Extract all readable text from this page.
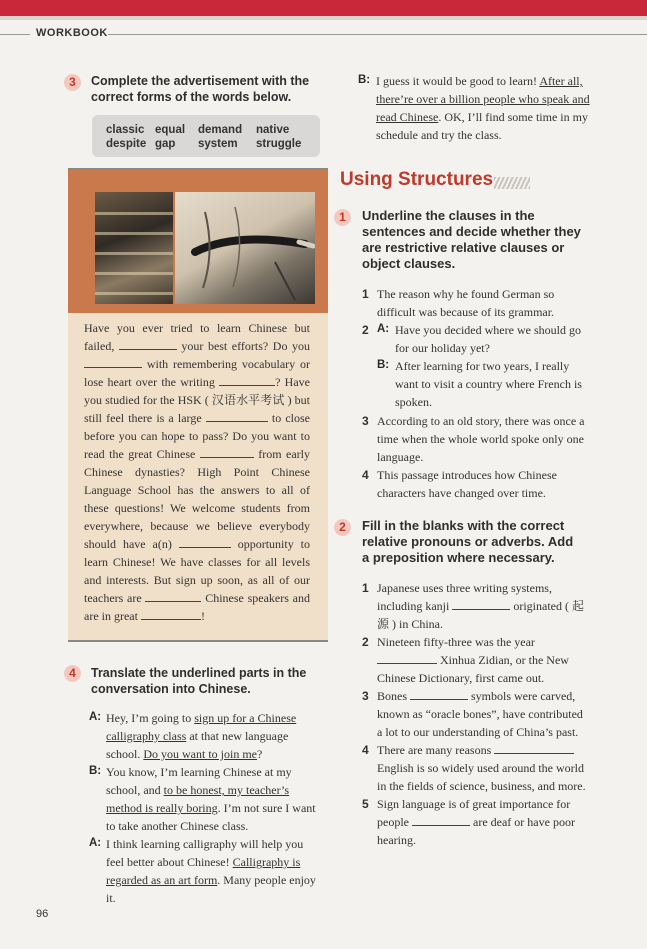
WORKBOOK
3	Complete the advertisement with the
correct forms of the words below.
classic equal demand native
despite gap system struggle
Have you ever tried to learn Chinese but failed,	your best efforts? Do you  with remembering vocabulary or lose heart over the writing	? Have you studied for the HSK ( 汉语水平考试 ) but still feel there is a large	to close before you can hope to pass? Do you want to read the great Chinese	from early Chinese dynasties? High Point Chinese Language School has the answers to all of these questions! We welcome students from everywhere, because we believe everybody should have a(n)	opportunity to learn Chinese! We have classes for all levels and interests. But sign up soon, as all of our teachers are	Chinese speakers and are in great	!
4	Translate the underlined parts in the
conversation into Chinese.
A: Hey, I’m going to sign up for a Chinese calligraphy class at that new language school. Do you want to join me?
B: You know, I’m learning Chinese at my school, and to be honest, my teacher’s method is really boring. I’m not sure I want to take another Chinese class.
A: I think learning calligraphy will help you feel better about Chinese! Calligraphy is regarded as an art form. Many people enjoy it.
B: I guess it would be good to learn! After all, there’re over a billion people who speak and read Chinese. OK, I’ll find some time in my schedule and try the class.
Using Structures
1	Underline the clauses in the
sentences and decide whether they
are restrictive relative clauses or
object clauses.
1 The reason why he found German so difficult was because of its grammar.
2 A: Have you decided where we should go for our holiday yet?
B: After learning for two years, I really want to visit a country where French is spoken.
3 According to an old story, there was once a time when the whole world spoke only one language.
4 This passage introduces how Chinese characters have changed over time.
2	Fill in the blanks with the correct
relative pronouns or adverbs. Add
a preposition where necessary.
1 Japanese uses three writing systems, including kanji	originated ( 起源 ) in China.
2 Nineteen fifty-three was the year  Xinhua Zidian, or the New Chinese Dictionary, first came out.
3 Bones	symbols were carved, known as “oracle bones”, have contributed a lot to our understanding of China’s past.
4 There are many reasons  English is so widely used around the world in the fields of science, business, and more.
5 Sign language is of great importance for people	are deaf or have poor hearing.
96
